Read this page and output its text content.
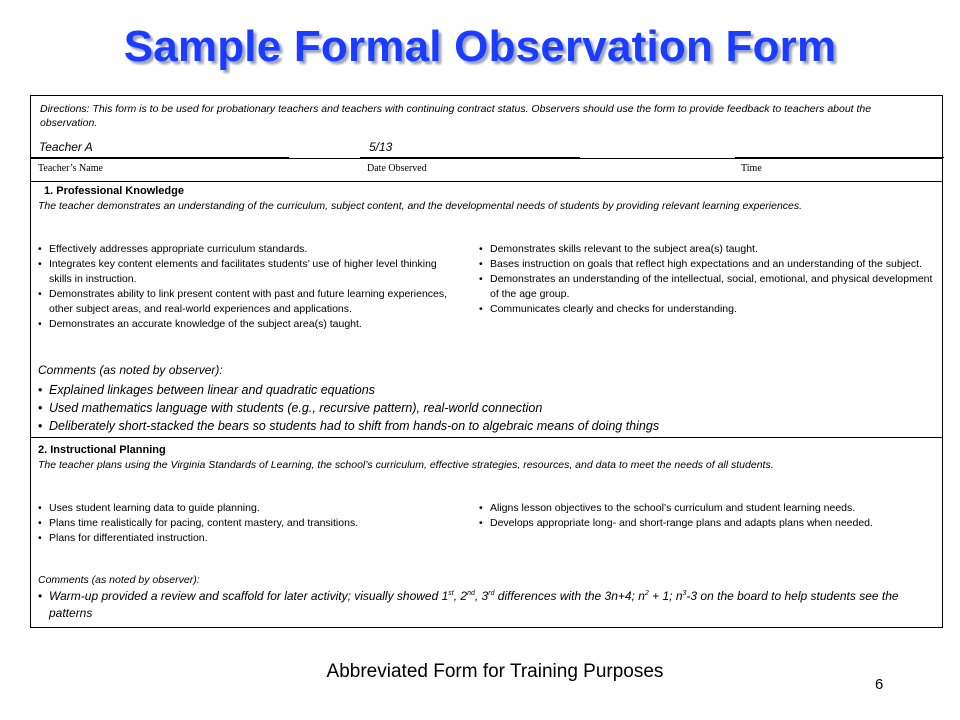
Sample Formal Observation Form
Directions: This form is to be used for probationary teachers and teachers with continuing contract status. Observers should use the form to provide feedback to teachers about the observation.
Teacher A	5/13
Teacher’s Name	Date Observed	Time
1. Professional Knowledge
The teacher demonstrates an understanding of the curriculum, subject content, and the developmental needs of students by providing relevant learning experiences.
• Effectively addresses appropriate curriculum standards.
• Integrates key content elements and facilitates students’ use of higher level thinking skills in instruction.
• Demonstrates ability to link present content with past and future learning experiences, other subject areas, and real-world experiences and applications.
• Demonstrates an accurate knowledge of the subject area(s) taught.
• Demonstrates skills relevant to the subject area(s) taught.
• Bases instruction on goals that reflect high expectations and an understanding of the subject.
• Demonstrates an understanding of the intellectual, social, emotional, and physical development of the age group.
• Communicates clearly and checks for understanding.
Comments (as noted by observer):
• Explained linkages between linear and quadratic equations
• Used mathematics language with students (e.g., recursive pattern), real-world connection
• Deliberately short-stacked the bears so students had to shift from hands-on to algebraic means of doing things
2. Instructional Planning
The teacher plans using the Virginia Standards of Learning, the school’s curriculum, effective strategies, resources, and data to meet the needs of all students.
• Uses student learning data to guide planning.
• Plans time realistically for pacing, content mastery, and transitions.
• Plans for differentiated instruction.
• Aligns lesson objectives to the school’s curriculum and student learning needs.
• Develops appropriate long- and short-range plans and adapts plans when needed.
Comments (as noted by observer):
• Warm-up provided a review and scaffold for later activity; visually showed 1st, 2nd, 3rd differences with the 3n+4; $n^2 + 1$; $n^3-3$ on the board to help students see the patterns
Abbreviated Form for Training Purposes
6
